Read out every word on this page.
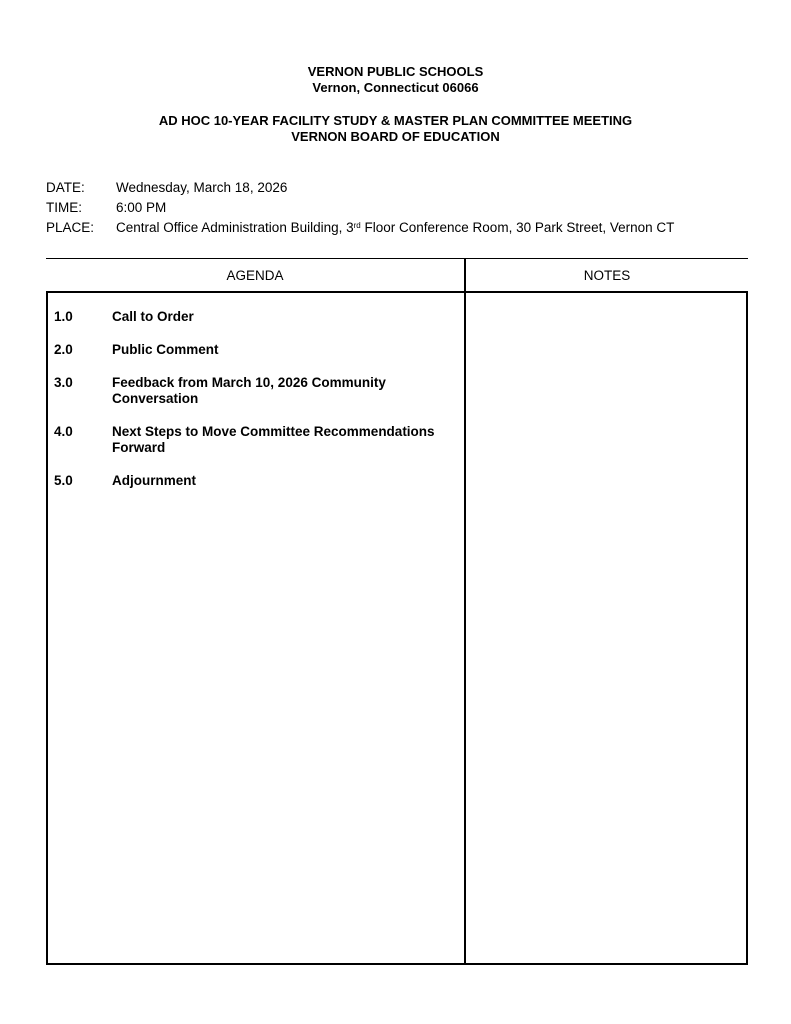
VERNON PUBLIC SCHOOLS
Vernon, Connecticut 06066
AD HOC 10-YEAR FACILITY STUDY & MASTER PLAN COMMITTEE MEETING
VERNON BOARD OF EDUCATION
DATE:	Wednesday, March 18, 2026
TIME:	6:00 PM
PLACE:	Central Office Administration Building, 3rd Floor Conference Room, 30 Park Street, Vernon CT
AGENDA	NOTES
1.0	Call to Order
2.0	Public Comment
3.0	Feedback from March 10, 2026 Community Conversation
4.0	Next Steps to Move Committee Recommendations Forward
5.0	Adjournment
